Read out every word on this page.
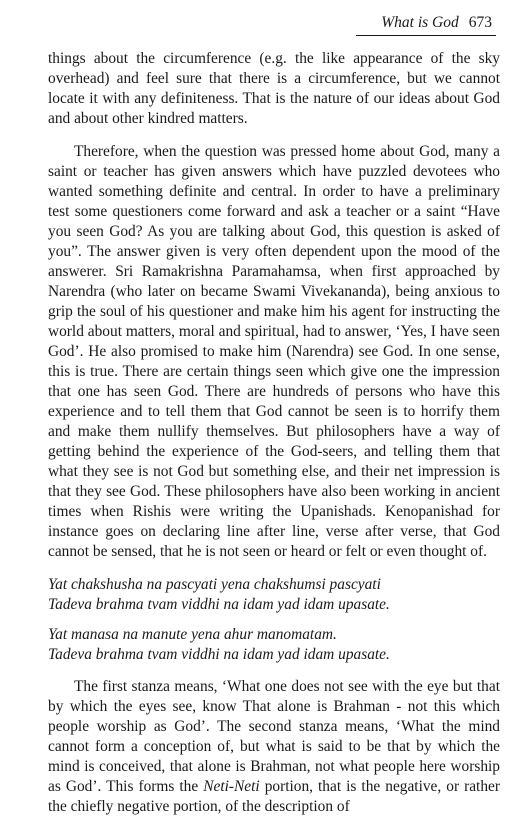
What is God 673

things about the circumference (e.g. the like appearance of the sky overhead) and feel sure that there is a circumference, but we cannot locate it with any definiteness. That is the nature of our ideas about God and about other kindred matters.

Therefore, when the question was pressed home about God, many a saint or teacher has given answers which have puzzled devotees who wanted something definite and central. In order to have a preliminary test some questioners come forward and ask a teacher or a saint “Have you seen God? As you are talking about God, this question is asked of you”. The answer given is very often dependent upon the mood of the answerer. Sri Ramakrishna Paramahamsa, when first approached by Narendra (who later on became Swami Vivekananda), being anxious to grip the soul of his questioner and make him his agent for instructing the world about matters, moral and spiritual, had to answer, ‘Yes, I have seen God’. He also promised to make him (Narendra) see God. In one sense, this is true. There are certain things seen which give one the impression that one has seen God. There are hundreds of persons who have this experience and to tell them that God cannot be seen is to horrify them and make them nullify themselves. But philosophers have a way of getting behind the experience of the God-seers, and telling them that what they see is not God but something else, and their net impression is that they see God. These philosophers have also been working in ancient times when Rishis were writing the Upanishads. Kenopanishad for instance goes on declaring line after line, verse after verse, that God cannot be sensed, that he is not seen or heard or felt or even thought of.

Yat chakshusha na pascyati yena chakshumsi pascyati

Tadeva brahma tvam viddhi na idam yad idam upasate.

Yat manasa na manute yena ahur manomatam.

Tadeva brahma tvam viddhi na idam yad idam upasate.

The first stanza means, ‘What one does not see with the eye but that by which the eyes see, know That alone is Brahman - not this which people worship as God’. The second stanza means, ‘What the mind cannot form a conception of, but what is said to be that by which the mind is conceived, that alone is Brahman, not what people here worship as God’. This forms the Neti-Neti portion, that is the negative, or rather the chiefly negative portion, of the description of
